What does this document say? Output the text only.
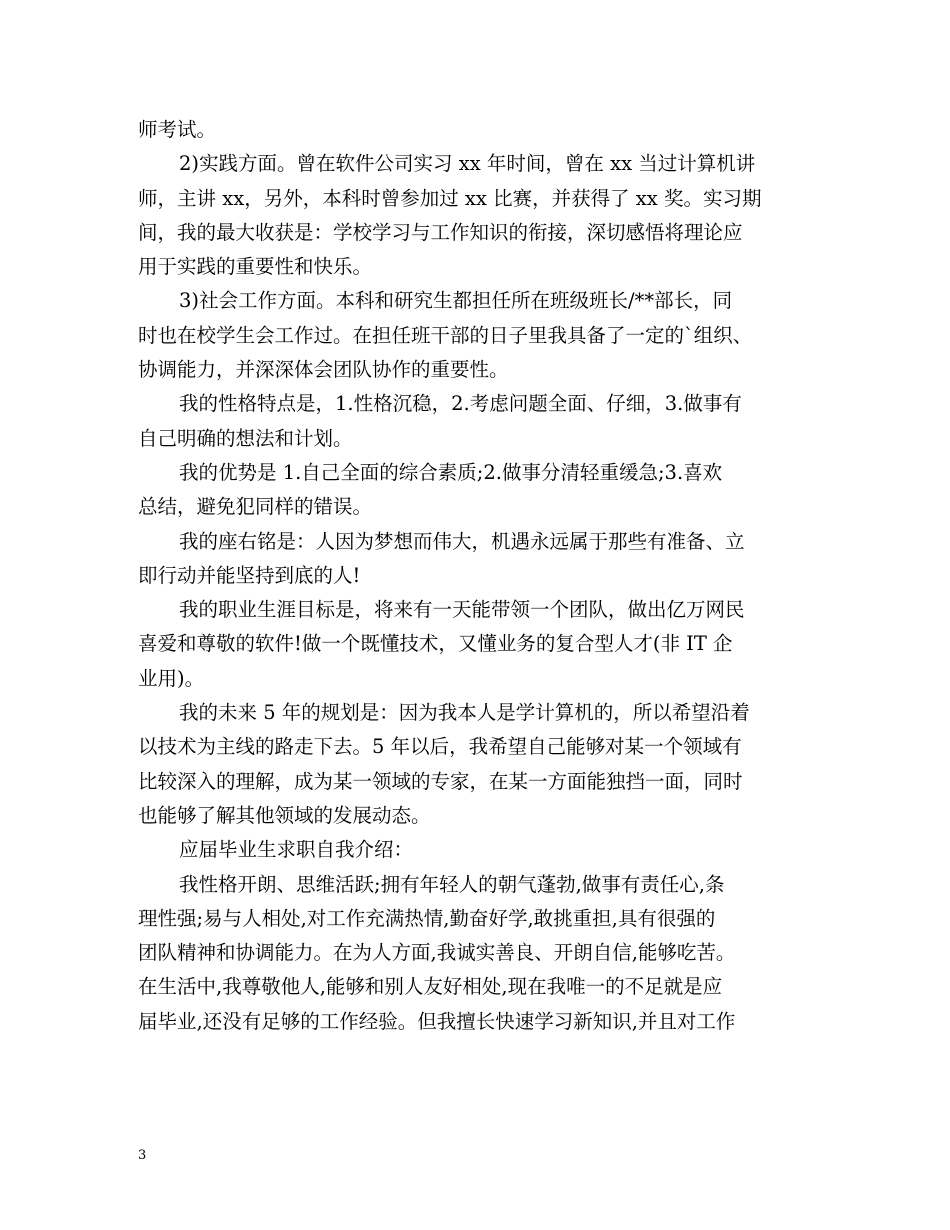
师考试。
2)实践方面。曾在软件公司实习 xx 年时间，曾在 xx 当过计算机讲
师，主讲 xx，另外，本科时曾参加过 xx 比赛，并获得了 xx 奖。实习期
间，我的最大收获是：学校学习与工作知识的衔接，深切感悟将理论应
用于实践的重要性和快乐。
3)社会工作方面。本科和研究生都担任所在班级班长/**部长，同
时也在校学生会工作过。在担任班干部的日子里我具备了一定的`组织、
协调能力，并深深体会团队协作的重要性。
我的性格特点是，1.性格沉稳，2.考虑问题全面、仔细，3.做事有
自己明确的想法和计划。
我的优势是 1.自己全面的综合素质;2.做事分清轻重缓急;3.喜欢
总结，避免犯同样的错误。
我的座右铭是：人因为梦想而伟大，机遇永远属于那些有准备、立
即行动并能坚持到底的人!
我的职业生涯目标是，将来有一天能带领一个团队，做出亿万网民
喜爱和尊敬的软件!做一个既懂技术，又懂业务的复合型人才(非 IT 企
业用)。
我的未来 5 年的规划是：因为我本人是学计算机的，所以希望沿着
以技术为主线的路走下去。5 年以后，我希望自己能够对某一个领域有
比较深入的理解，成为某一领域的专家，在某一方面能独挡一面，同时
也能够了解其他领域的发展动态。
应届毕业生求职自我介绍：
我性格开朗、思维活跃;拥有年轻人的朝气蓬勃,做事有责任心,条
理性强;易与人相处,对工作充满热情,勤奋好学,敢挑重担,具有很强的
团队精神和协调能力。在为人方面,我诚实善良、开朗自信,能够吃苦。
在生活中,我尊敬他人,能够和别人友好相处,现在我唯一的不足就是应
届毕业,还没有足够的工作经验。但我擅长快速学习新知识,并且对工作
3
